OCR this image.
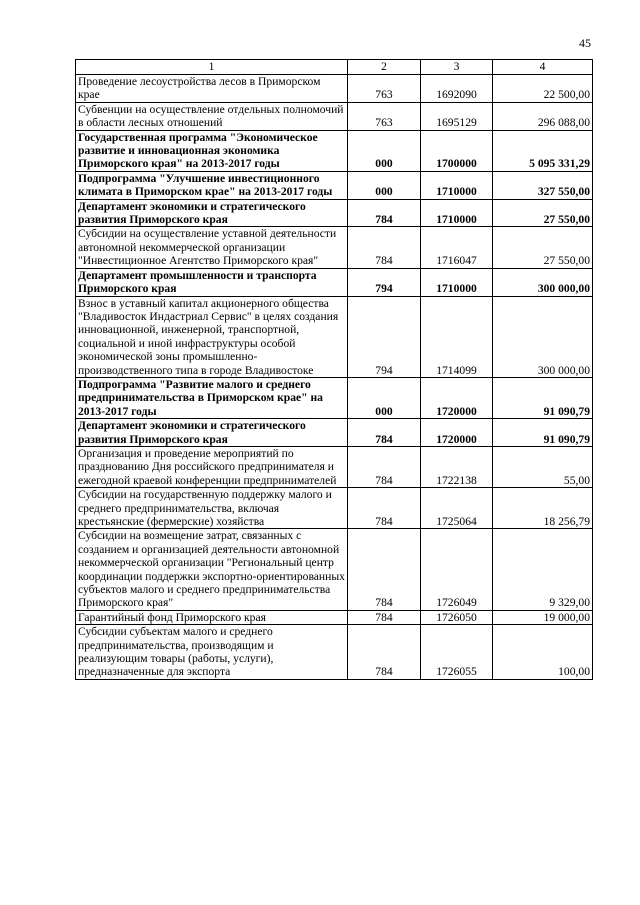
45
1	2	3	4
Проведение лесоустройства лесов в Приморском крае	763	1692090	22 500,00
Субвенции на осуществление отдельных полномочий в области лесных отношений	763	1695129	296 088,00
Государственная программа "Экономическое развитие и инновационная экономика Приморского края" на 2013-2017 годы	000	1700000	5 095 331,29
Подпрограмма "Улучшение инвестиционного климата в Приморском крае" на 2013-2017 годы	000	1710000	327 550,00
Департамент экономики и стратегического развития Приморского края	784	1710000	27 550,00
Субсидии на осуществление уставной деятельности автономной некоммерческой организации "Инвестиционное Агентство Приморского края"	784	1716047	27 550,00
Департамент промышленности и транспорта Приморского края	794	1710000	300 000,00
Взнос в уставный капитал акционерного общества "Владивосток Индастриал Сервис" в целях создания инновационной, инженерной, транспортной, социальной и иной инфраструктуры особой экономической зоны промышленно-производственного типа в городе Владивостоке	794	1714099	300 000,00
Подпрограмма "Развитие малого и среднего предпринимательства в Приморском крае" на 2013-2017 годы	000	1720000	91 090,79
Департамент экономики и стратегического развития Приморского края	784	1720000	91 090,79
Организация и проведение мероприятий по празднованию Дня российского предпринимателя и ежегодной краевой конференции предпринимателей	784	1722138	55,00
Субсидии на государственную поддержку малого и среднего предпринимательства, включая крестьянские (фермерские) хозяйства	784	1725064	18 256,79
Субсидии на возмещение затрат, связанных с созданием и организацией деятельности автономной некоммерческой организации "Региональный центр координации поддержки экспортно-ориентированных субъектов малого и среднего предпринимательства Приморского края"	784	1726049	9 329,00
Гарантийный фонд Приморского края	784	1726050	19 000,00
Субсидии субъектам малого и среднего предпринимательства, производящим и реализующим товары (работы, услуги), предназначенные для экспорта	784	1726055	100,00
